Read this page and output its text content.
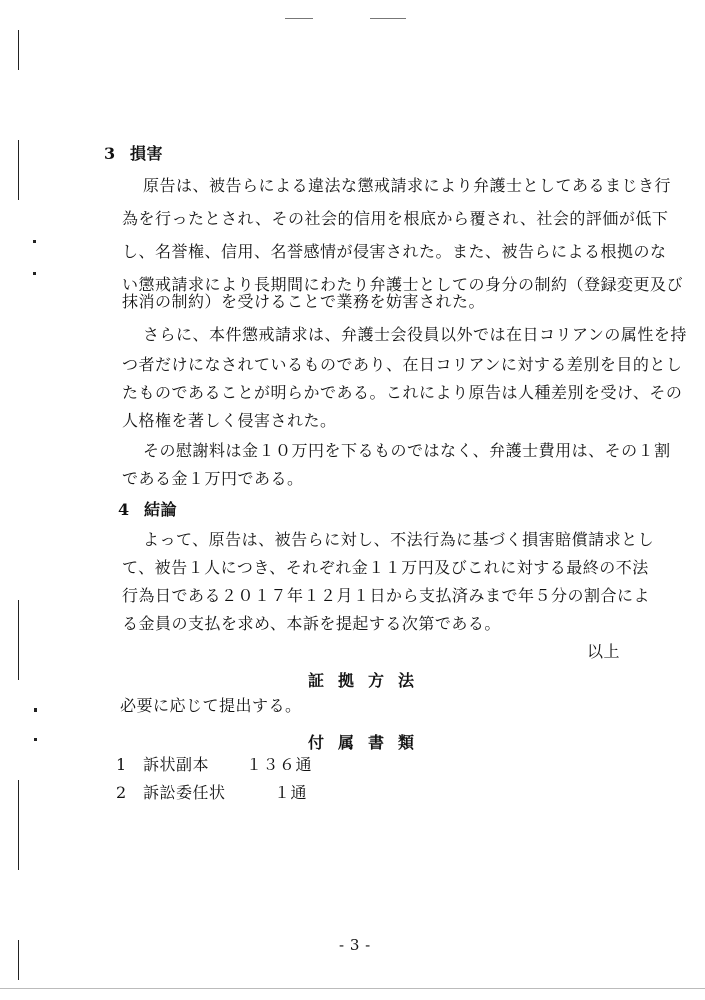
3 損害
原告は、被告らによる違法な懲戒請求により弁護士としてあるまじき行
為を行ったとされ、その社会的信用を根底から覆され、社会的評価が低下
し、名誉権、信用、名誉感情が侵害された。また、被告らによる根拠のな
い懲戒請求により長期間にわたり弁護士としての身分の制約（登録変更及び
抹消の制約）を受けることで業務を妨害された。
さらに、本件懲戒請求は、弁護士会役員以外では在日コリアンの属性を持
つ者だけになされているものであり、在日コリアンに対する差別を目的とし
たものであることが明らかである。これにより原告は人種差別を受け、その
人格権を著しく侵害された。
その慰謝料は金１０万円を下るものではなく、弁護士費用は、その１割
である金１万円である。
4 結論
よって、原告は、被告らに対し、不法行為に基づく損害賠償請求とし
て、被告１人につき、それぞれ金１１万円及びこれに対する最終の不法
行為日である２０１７年１２月１日から支払済みまで年５分の割合によ
る金員の支払を求め、本訴を提起する次第である。
以上
証拠方法
必要に応じて提出する。
付属書類
1 訴状副本 １３６通
2 訴訟委任状	１通
- 3 -
